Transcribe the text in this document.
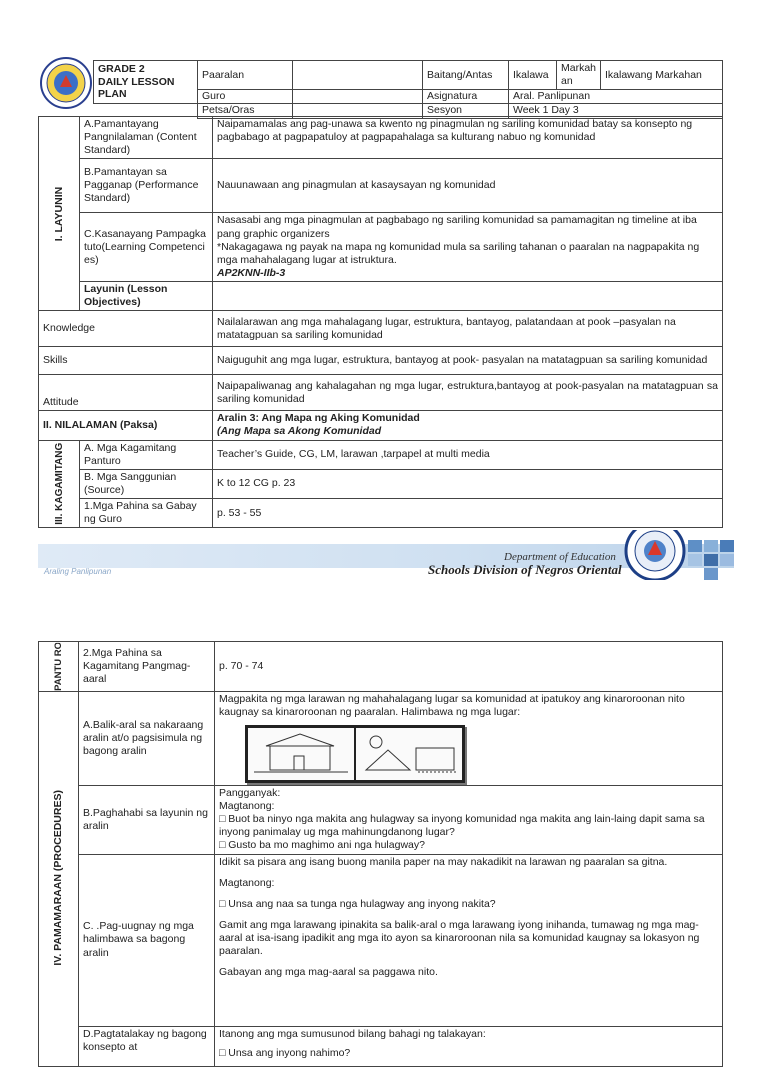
GRADE 2
DAILY LESSON
PLAN	Paaralan		Baitang/Antas	Ikalawa	Markahan	Ikalawang Markahan
	Guro		Asignatura	Aral. Panlipunan		
	Petsa/Oras		Sesyon	Week 1 Day 3		
I. LAYUNIN	A.Pamantayang Pangnilalaman (Content Standard)	Naipamamalas ang pag-unawa sa kwento ng pinagmulan ng sariling komunidad batay sa konsepto ng pagbabago at pagpapatuloy at pagpapahalaga sa kulturang nabuo ng komunidad
	B.Pamantayan sa Pagganap (Performance Standard)	Nauunawaan ang pinagmulan at kasaysayan ng komunidad
	C.Kasanayang Pampagkatuto(Learning Competencies)	Nasasabi ang mga pinagmulan at pagbabago ng sariling komunidad sa pamamagitan ng timeline at iba pang graphic organizers

*Nakagagawa ng payak na mapa ng komunidad mula sa sariling tahanan o paaralan na nagpapakita ng mga mahahalagang lugar at istruktura.

AP2KNN-IIb-3

	Layunin (Lesson Objectives)	

Knowledge		Nailalarawan ang mga mahalagang lugar, estruktura, bantayog, palatandaan at pook –pasyalan na matatagpuan sa sariling komunidad
Skills		Naiguguhit ang mga lugar, estruktura, bantayog at pook- pasyalan na matatagpuan sa sariling komunidad
Attitude		Naipapaliwanag ang kahalagahan ng mga lugar, estruktura,bantayog at pook-pasyalan na matatagpuan sa sariling komunidad
II. NILALAMAN (Paksa)		Aralin 3: Ang Mapa ng Aking Komunidad
(Ang Mapa sa Akong Komunidad

III. KAGAMITANG	A. Mga Kagamitang Panturo	Teacher’s Guide, CG, LM, larawan ,tarpapel at multi media
	B. Mga Sanggunian (Source)	K to 12 CG p. 23
	1.Mga Pahina sa Gabay ng Guro	p. 53 - 55
Araling Panlipunan
Department of Education
Schools Division of Negros Oriental
PANTU RO	2.Mga Pahina sa Kagamitang Pangmag-aaral	p. 70 - 74
IV. PAMAMARAAN (PROCEDURES)	A.Balik-aral sa nakaraang aralin at/o pagsisimula ng bagong aralin	Magpakita ng mga larawan ng mahahalagang lugar sa komunidad at ipatukoy ang kinaroroonan nito kaugnay sa kinaroroonan ng paaralan. Halimbawa ng mga lugar:

	B.Paghahabi sa layunin ng aralin	Pangganyak:

Magtanong:

□ Buot ba ninyo nga makita ang hulagway sa inyong komunidad nga makita ang lain-laing dapit sama sa inyong panimalay ug mga mahinungdanong lugar?

□ Gusto ba mo maghimo ani nga hulagway?

	C. .Pag-uugnay ng mga halimbawa sa bagong aralin	Idikit sa pisara ang isang buong manila paper na may nakadikit na larawan ng paaralan sa gitna.

Magtanong:

□ Unsa ang naa sa tunga nga hulagway ang inyong nakita?

Gamit ang mga larawang ipinakita sa balik-aral o mga larawang iyong inihanda, tumawag ng mga mag-aaral at isa-isang ipadikit ang mga ito ayon sa kinaroroonan nila sa komunidad kaugnay sa lokasyon ng paaralan.

Gabayan ang mga mag-aaral sa paggawa nito.

	D.Pagtatalakay ng bagong konsepto at	Itanong ang mga sumusunod bilang bahagi ng talakayan:

□ Unsa ang inyong nahimo?
